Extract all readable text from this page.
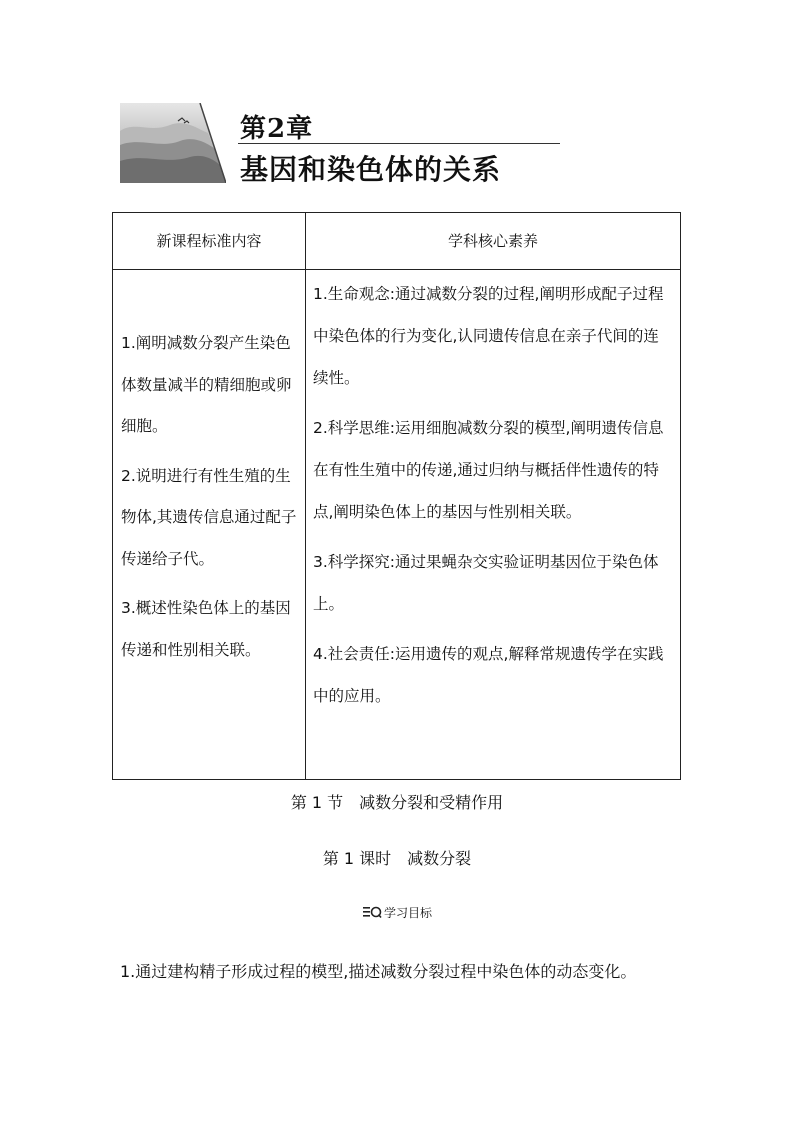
第2章
基因和染色体的关系
新课程标准内容	学科核心素养

1.阐明减数分裂产生染色体数量减半的精细胞或卵细胞。

2.说明进行有性生殖的生物体,其遗传信息通过配子传递给子代。

3.概述性染色体上的基因传递和性别相关联。

1.生命观念:通过减数分裂的过程,阐明形成配子过程中染色体的行为变化,认同遗传信息在亲子代间的连续性。

2.科学思维:运用细胞减数分裂的模型,阐明遗传信息在有性生殖中的传递,通过归纳与概括伴性遗传的特点,阐明染色体上的基因与性别相关联。

3.科学探究:通过果蝇杂交实验证明基因位于染色体上。

4.社会责任:运用遗传的观点,解释常规遗传学在实践中的应用。

第 1 节　减数分裂和受精作用
第 1 课时　减数分裂
学习目标

1.通过建构精子形成过程的模型,描述减数分裂过程中染色体的动态变化。
